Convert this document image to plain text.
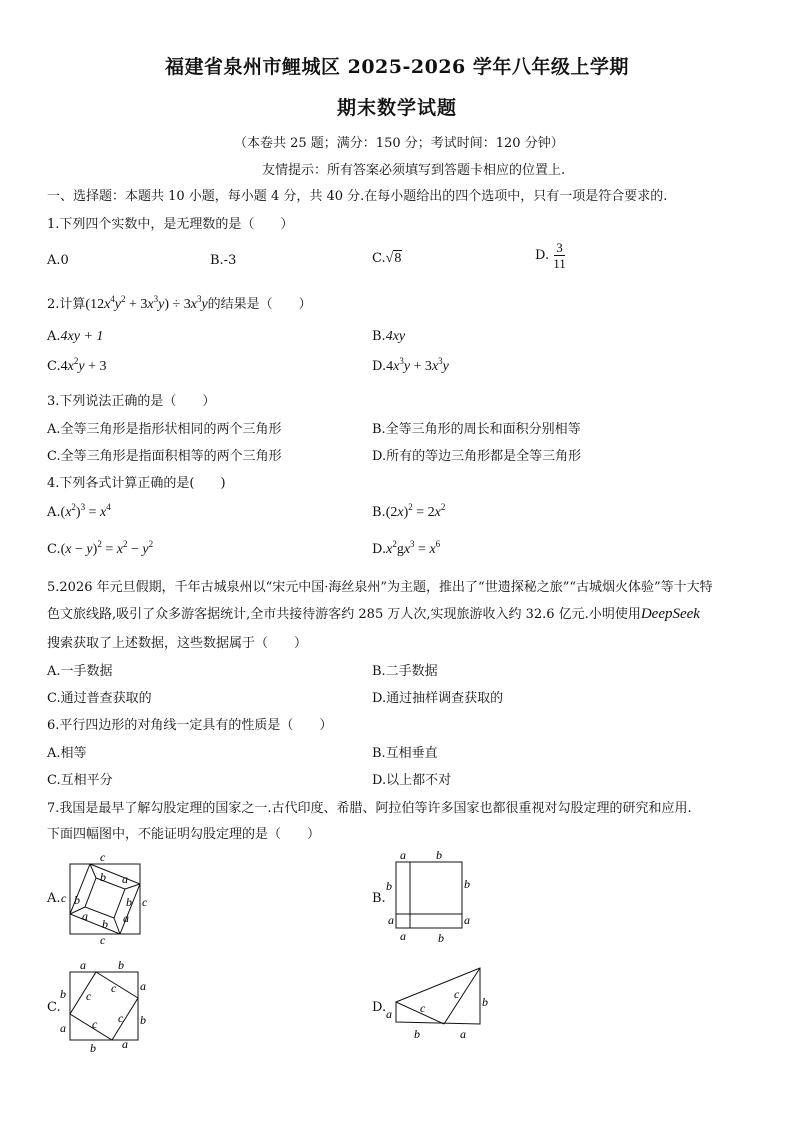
福建省泉州市鲤城区 2025-2026 学年八年级上学期
期末数学试题
（本卷共 25 题；满分：150 分；考试时间：120 分钟）
友情提示：所有答案必须填写到答题卡相应的位置上.
一、选择题：本题共 10 小题，每小题 4 分，共 40 分.在每小题给出的四个选项中，只有一项是符合要求的.
1.下列四个实数中，是无理数的是（　　）
A.0	B.-3	C.√8	D. $\frac{3}{11}$
2.计算$(12x^4y^2 + 3x^3y) \div 3x^3y$的结果是（　　）
A.4xy + 1	B.4xy
$C.4x^2y + 3$	$D.4x^3y + 3x^3y$
3.下列说法正确的是（　　）
A.全等三角形是指形状相同的两个三角形	B.全等三角形的周长和面积分别相等
C.全等三角形是指面积相等的两个三角形	D.所有的等边三角形都是全等三角形
4.下列各式计算正确的是(　　)
$A.(x^2)^3 = x^4$	$B.(2x)^2 = 2x^2$
$C.(x - y)^2 = x^2 - y^2$	$D.x^2gx^3 = x^6$
5.2026 年元旦假期，千年古城泉州以“宋元中国·海丝泉州”为主题，推出了“世遗探秘之旅”“古城烟火体验”等十大特
色文旅线路,吸引了众多游客据统计,全市共接待游客约 285 万人次,实现旅游收入约 32.6 亿元.小明使用DeepSeek
搜索获取了上述数据，这些数据属于（　　）
A.一手数据	B.二手数据
C.通过普查获取的	D.通过抽样调查获取的
6.平行四边形的对角线一定具有的性质是（　　）
A.相等	B.互相垂直
C.互相平分	D.以上都不对
7.我国是最早了解勾股定理的国家之一.古代印度、希腊、阿拉伯等许多国家也都很重视对勾股定理的研究和应用.
下面四幅图中，不能证明勾股定理的是（　　）
A.
c
b a
c b	b c
a
b a
c
B.
a	b
b	b
a	a
a	b
C.
a	b
b
a
c
c
c c
a
b
b a
D. a c
c
b
b	a
